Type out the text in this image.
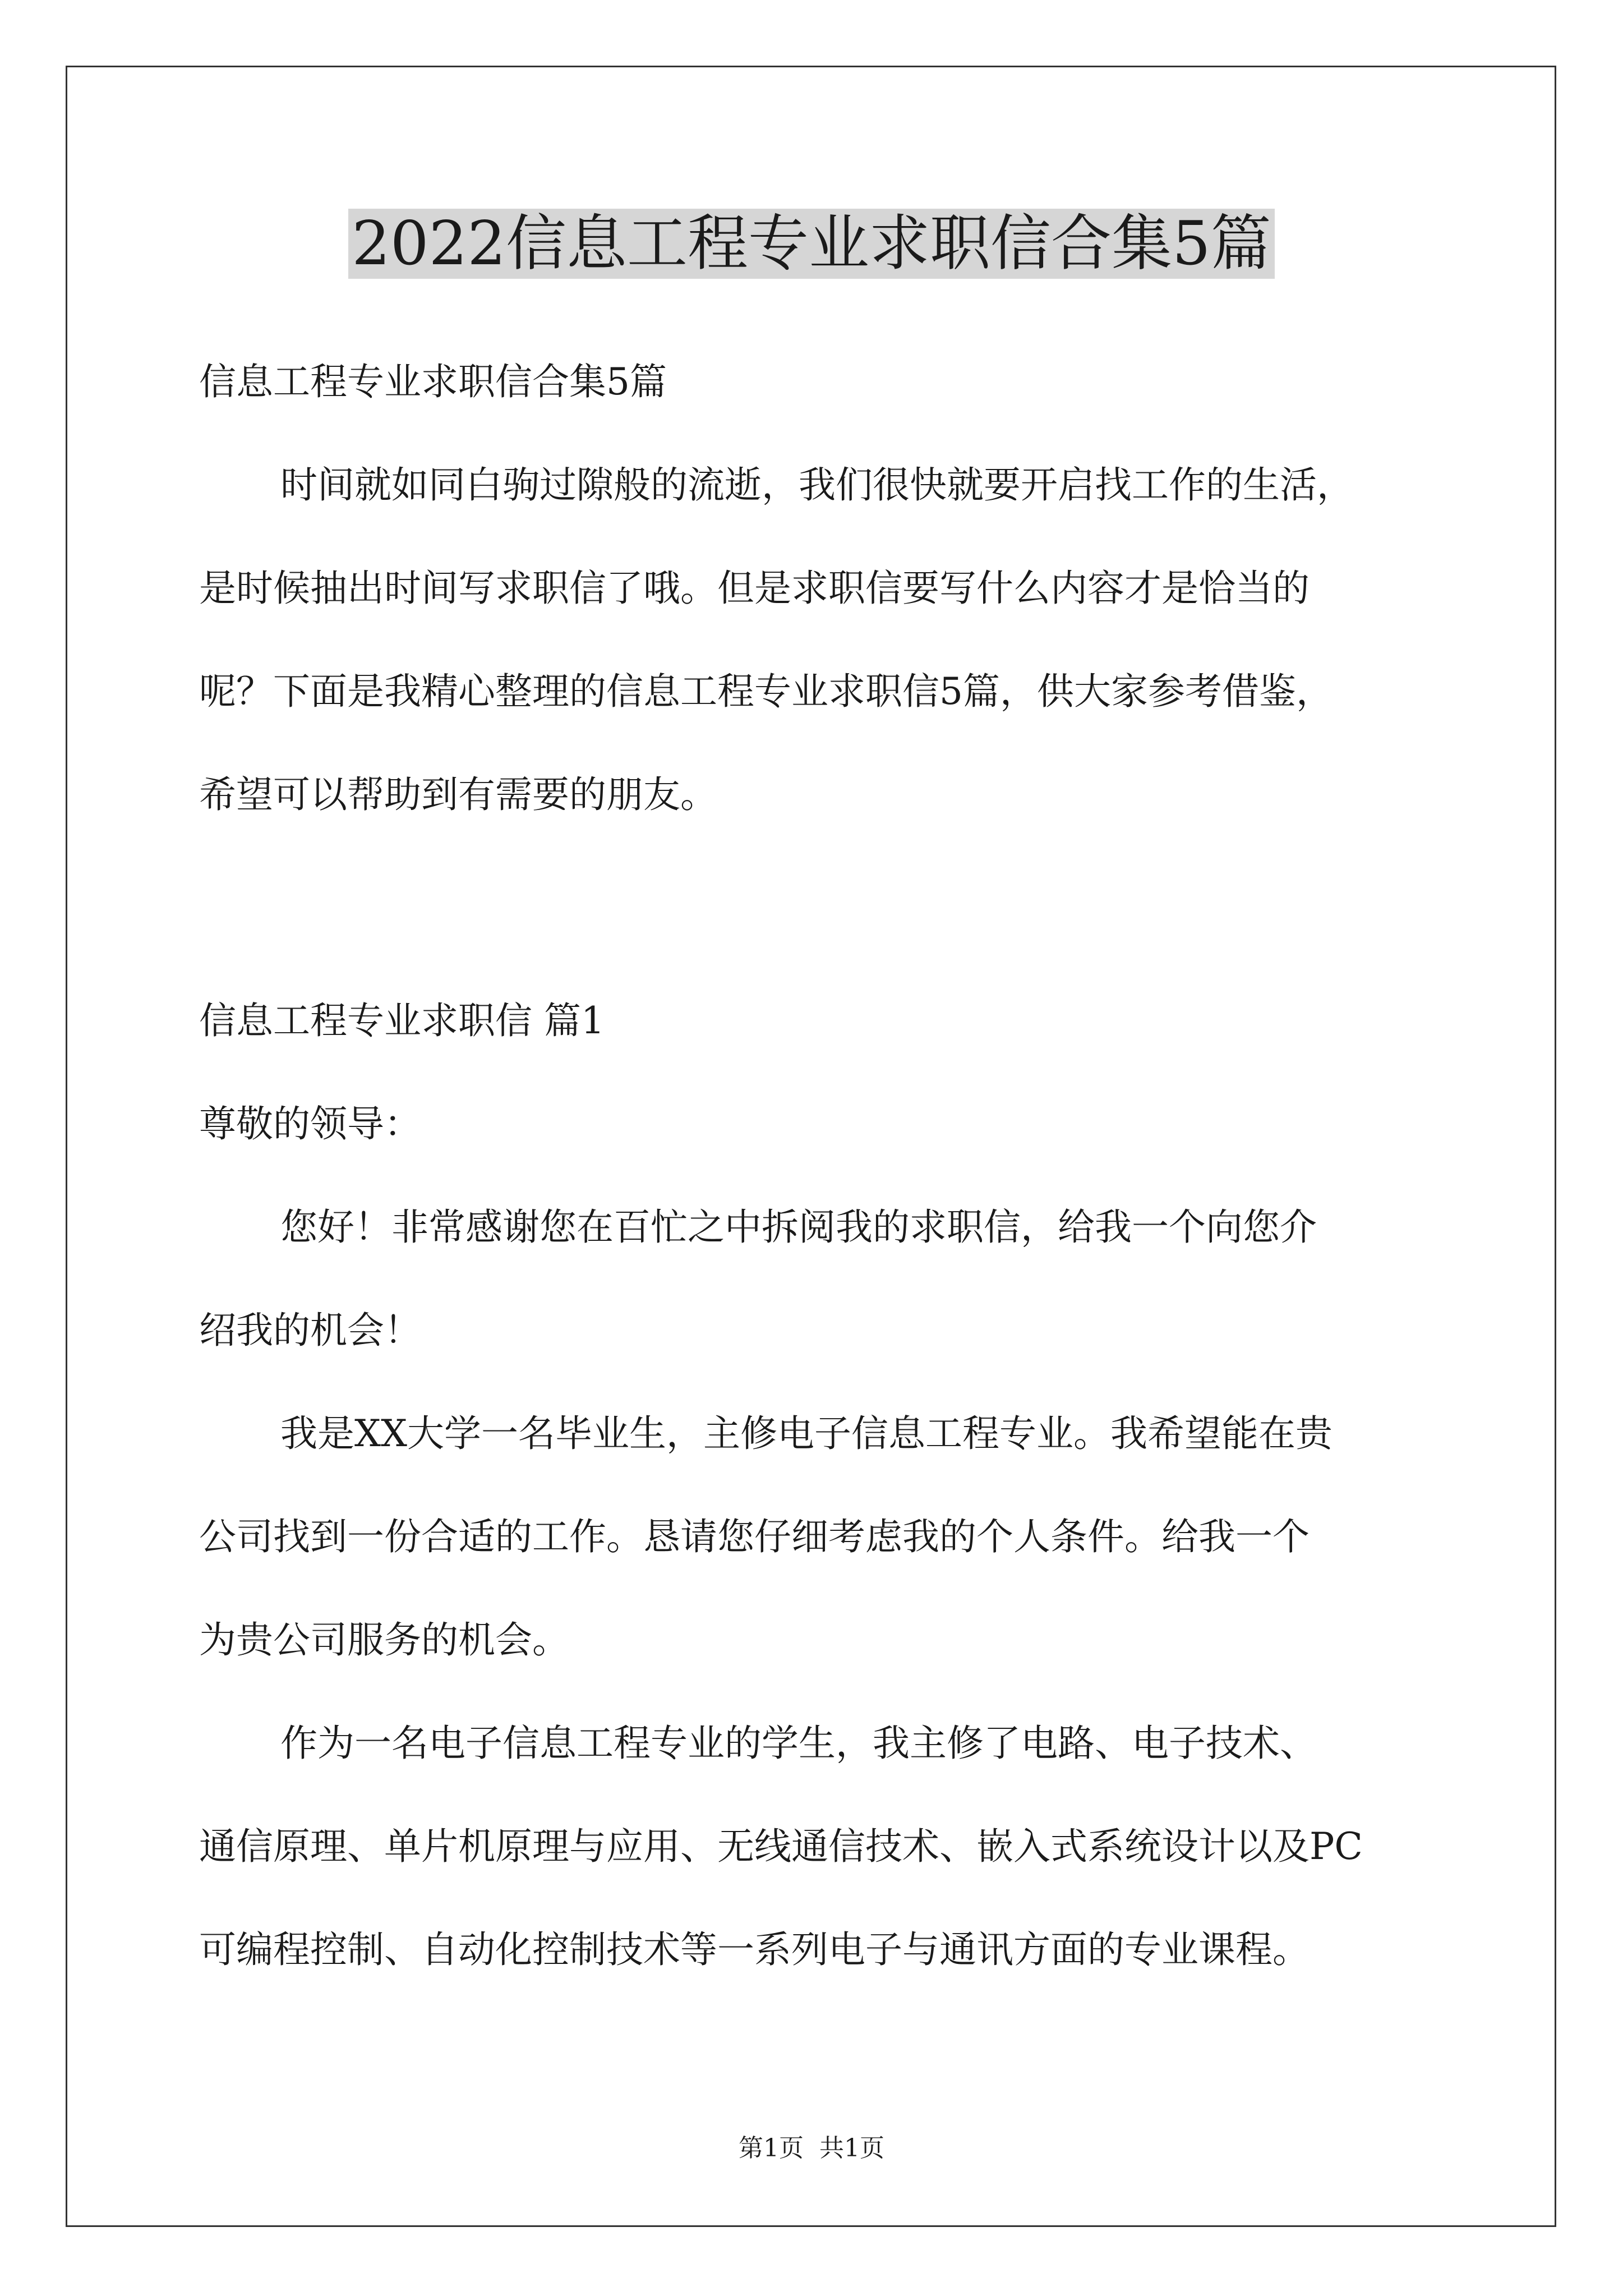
2022信息工程专业求职信合集5篇

信息工程专业求职信合集5篇

时间就如同白驹过隙般的流逝，我们很快就要开启找工作的生活，

是时候抽出时间写求职信了哦。但是求职信要写什么内容才是恰当的

呢？下面是我精心整理的信息工程专业求职信5篇，供大家参考借鉴，

希望可以帮助到有需要的朋友。

信息工程专业求职信 篇1

尊敬的领导：

您好！非常感谢您在百忙之中拆阅我的求职信，给我一个向您介

绍我的机会！

我是XX大学一名毕业生，主修电子信息工程专业。我希望能在贵

公司找到一份合适的工作。恳请您仔细考虑我的个人条件。给我一个

为贵公司服务的机会。

作为一名电子信息工程专业的学生，我主修了电路、电子技术、

通信原理、单片机原理与应用、无线通信技术、嵌入式系统设计以及PC

可编程控制、自动化控制技术等一系列电子与通讯方面的专业课程。

第1页 共1页
